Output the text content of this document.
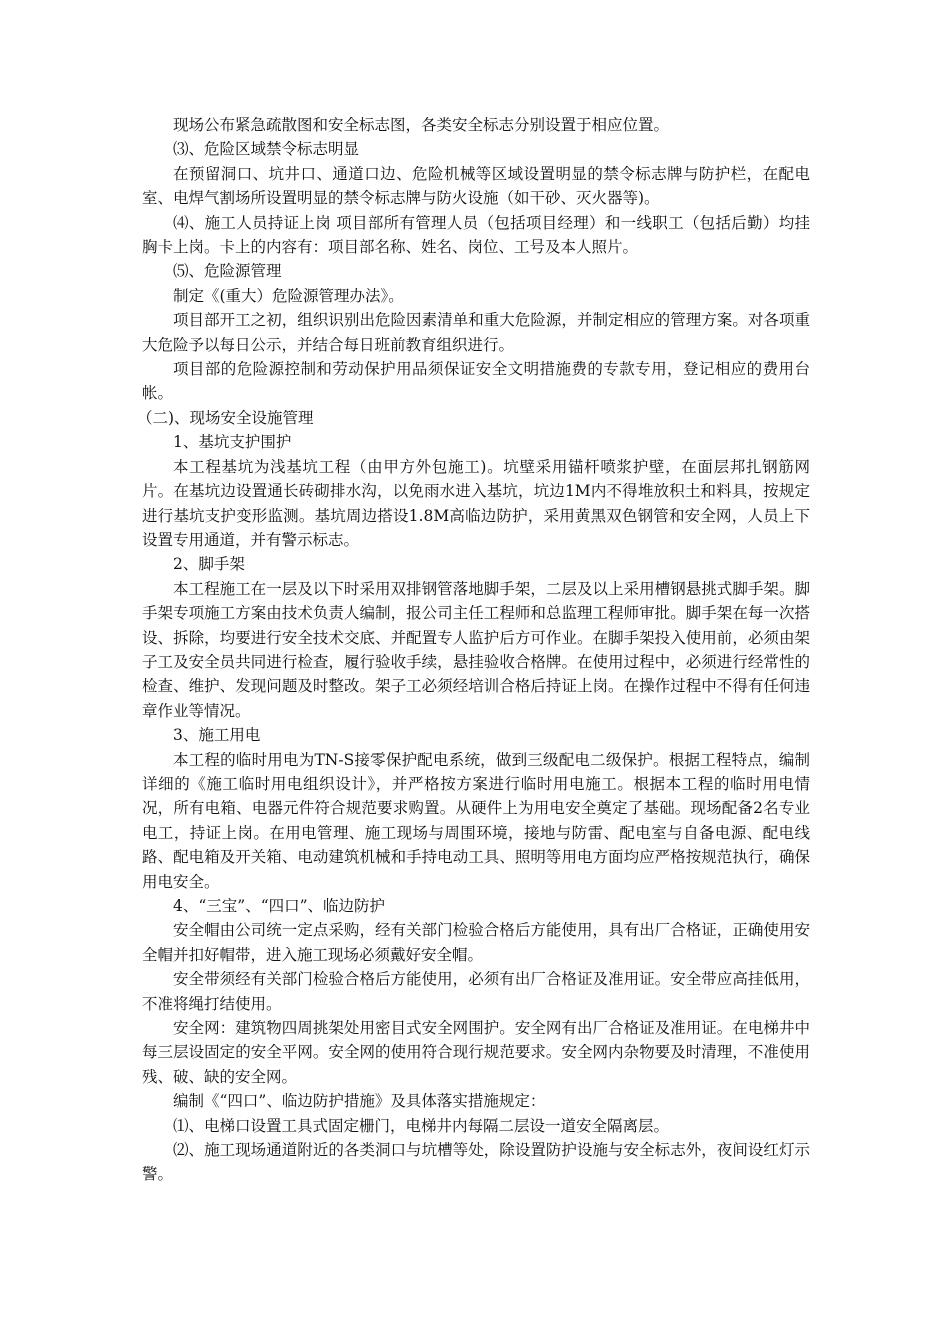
现场公布紧急疏散图和安全标志图，各类安全标志分别设置于相应位置。

⑶、危险区域禁令标志明显

在预留洞口、坑井口、通道口边、危险机械等区域设置明显的禁令标志牌与防护栏，在配电室、电焊气割场所设置明显的禁令标志牌与防火设施（如干砂、灭火器等)。

⑷、施工人员持证上岗 项目部所有管理人员（包括项目经理）和一线职工（包括后勤）均挂胸卡上岗。卡上的内容有：项目部名称、姓名、岗位、工号及本人照片。

⑸、危险源管理

制定《(重大）危险源管理办法》。

项目部开工之初，组织识别出危险因素清单和重大危险源，并制定相应的管理方案。对各项重大危险予以每日公示，并结合每日班前教育组织进行。

项目部的危险源控制和劳动保护用品须保证安全文明措施费的专款专用，登记相应的费用台帐。

（二)、现场安全设施管理

1、基坑支护围护

本工程基坑为浅基坑工程（由甲方外包施工)。坑壁采用锚杆喷浆护壁，在面层邦扎钢筋网片。在基坑边设置通长砖砌排水沟，以免雨水进入基坑，坑边1M内不得堆放积土和料具，按规定进行基坑支护变形监测。基坑周边搭设1.8M高临边防护，采用黄黑双色钢管和安全网，人员上下设置专用通道，并有警示标志。

2、脚手架

本工程施工在一层及以下时采用双排钢管落地脚手架，二层及以上采用槽钢悬挑式脚手架。脚手架专项施工方案由技术负责人编制，报公司主任工程师和总监理工程师审批。脚手架在每一次搭设、拆除，均要进行安全技术交底、并配置专人监护后方可作业。在脚手架投入使用前，必须由架子工及安全员共同进行检查，履行验收手续，悬挂验收合格牌。在使用过程中，必须进行经常性的检查、维护、发现问题及时整改。架子工必须经培训合格后持证上岗。在操作过程中不得有任何违章作业等情况。

3、施工用电

本工程的临时用电为TN-S接零保护配电系统，做到三级配电二级保护。根据工程特点，编制详细的《施工临时用电组织设计》，并严格按方案进行临时用电施工。根据本工程的临时用电情况，所有电箱、电器元件符合规范要求购置。从硬件上为用电安全奠定了基础。现场配备2名专业电工，持证上岗。在用电管理、施工现场与周围环境，接地与防雷、配电室与自备电源、配电线路、配电箱及开关箱、电动建筑机械和手持电动工具、照明等用电方面均应严格按规范执行，确保用电安全。

4、“三宝”、“四口”、临边防护

安全帽由公司统一定点采购，经有关部门检验合格后方能使用，具有出厂合格证，正确使用安全帽并扣好帽带，进入施工现场必须戴好安全帽。

安全带须经有关部门检验合格后方能使用，必须有出厂合格证及准用证。安全带应高挂低用，不准将绳打结使用。

安全网：建筑物四周挑架处用密目式安全网围护。安全网有出厂合格证及准用证。在电梯井中每三层设固定的安全平网。安全网的使用符合现行规范要求。安全网内杂物要及时清理，不准使用残、破、缺的安全网。

编制《“四口”、临边防护措施》及具体落实措施规定：

⑴、电梯口设置工具式固定栅门，电梯井内每隔二层设一道安全隔离层。

⑵、施工现场通道附近的各类洞口与坑槽等处，除设置防护设施与安全标志外，夜间设红灯示警。
